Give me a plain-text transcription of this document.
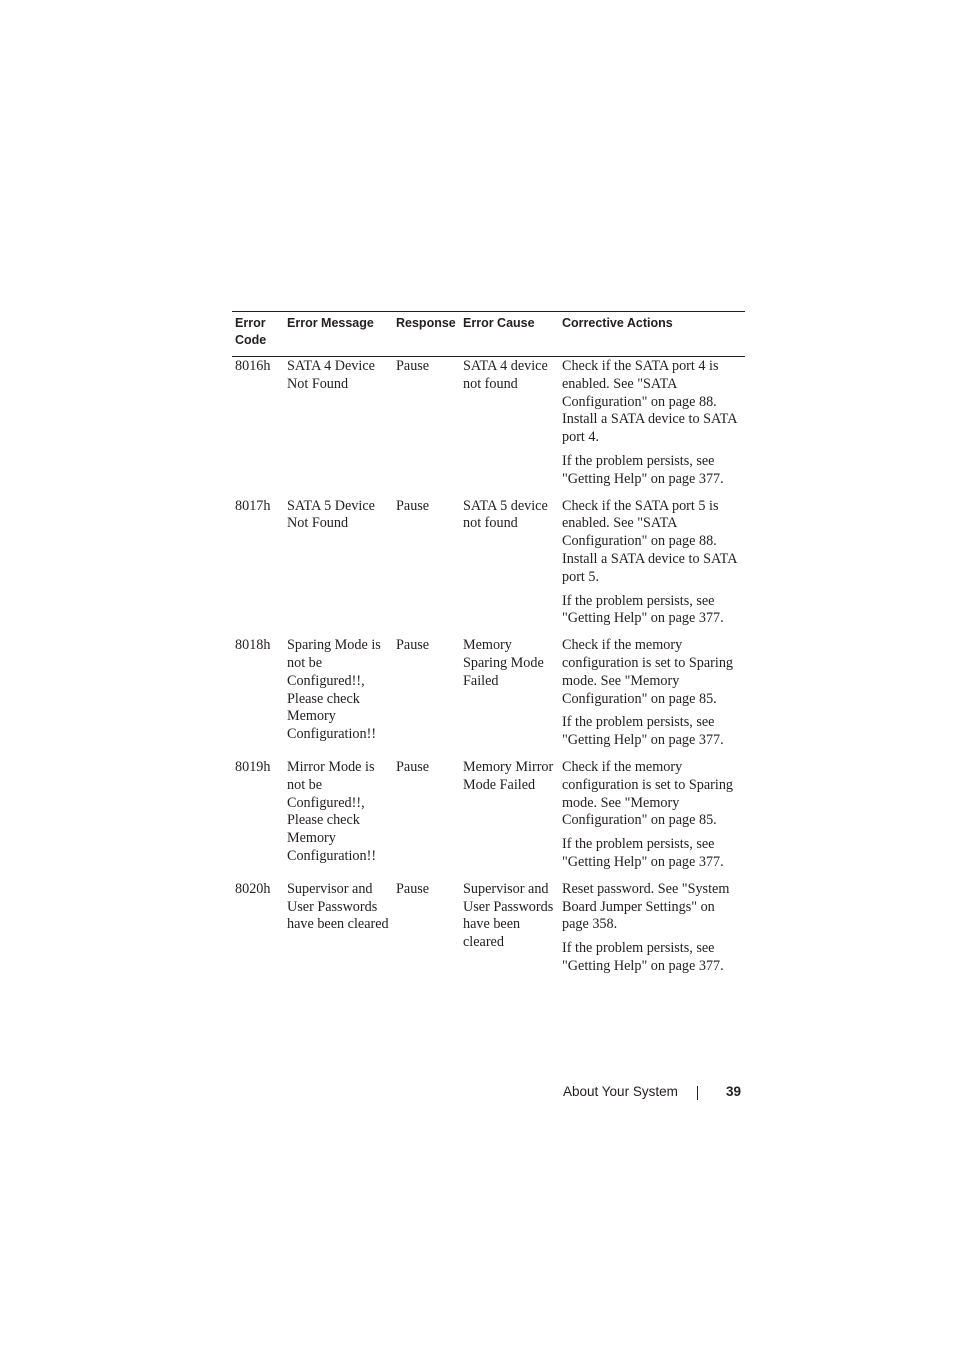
Error Code	Error Message	Response	Error Cause	Corrective Actions
8016h	SATA 4 Device Not Found	Pause	SATA 4 device not found	Check if the SATA port 4 is enabled. See "SATA Configuration" on page 88. Install a SATA device to SATA port 4.

If the problem persists, see "Getting Help" on page 377.

8017h	SATA 5 Device Not Found	Pause	SATA 5 device not found	Check if the SATA port 5 is enabled. See "SATA Configuration" on page 88. Install a SATA device to SATA port 5.

If the problem persists, see "Getting Help" on page 377.

8018h	Sparing Mode is not be Configured!!, Please check Memory Configuration!!	Pause	Memory Sparing Mode Failed	Check if the memory configuration is set to Sparing mode. See "Memory Configuration" on page 85.

If the problem persists, see "Getting Help" on page 377.

8019h	Mirror Mode is not be Configured!!, Please check Memory Configuration!!	Pause	Memory Mirror Mode Failed	Check if the memory configuration is set to Sparing mode. See "Memory Configuration" on page 85.

If the problem persists, see "Getting Help" on page 377.

8020h	Supervisor and User Passwords have been cleared	Pause	Supervisor and User Passwords have been cleared	Reset password. See "System Board Jumper Settings" on page 358.

If the problem persists, see "Getting Help" on page 377.

About Your System	39
